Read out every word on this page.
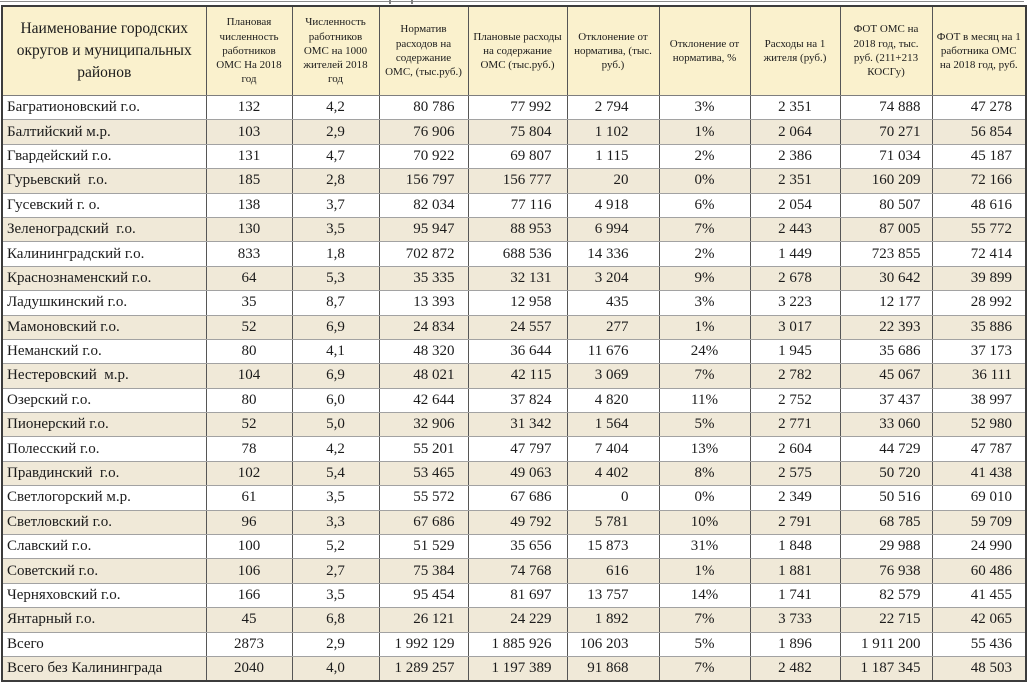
Наименование городских округов и муниципальных районов	Плановая численность работников ОМС На 2018 год	Численность работников ОМС на 1000 жителей 2018 год	Норматив расходов на содержание ОМС, (тыс.руб.)	Плановые расходы на содержание ОМС (тыс.руб.)	Отклонение от норматива, (тыс. руб.)	Отклонение от норматива, %	Расходы на 1 жителя (руб.)	ФОТ ОМС на 2018 год, тыс. руб. (211+213 КОСГу)	ФОТ в месяц на 1 работника ОМС на 2018 год, руб.
Багратионовский г.о.	132	4,2	80 786	77 992	2 794	3%	2 351	74 888	47 278
Балтийский м.р.	103	2,9	76 906	75 804	1 102	1%	2 064	70 271	56 854
Гвардейский г.о.	131	4,7	70 922	69 807	1 115	2%	2 386	71 034	45 187
Гурьевский  г.о.	185	2,8	156 797	156 777	20	0%	2 351	160 209	72 166
Гусевский г. о.	138	3,7	82 034	77 116	4 918	6%	2 054	80 507	48 616
Зеленоградский  г.о.	130	3,5	95 947	88 953	6 994	7%	2 443	87 005	55 772
Калининградский г.о.	833	1,8	702 872	688 536	14 336	2%	1 449	723 855	72 414
Краснознаменский г.о.	64	5,3	35 335	32 131	3 204	9%	2 678	30 642	39 899
Ладушкинский г.о.	35	8,7	13 393	12 958	435	3%	3 223	12 177	28 992
Мамоновский г.о.	52	6,9	24 834	24 557	277	1%	3 017	22 393	35 886
Неманский г.о.	80	4,1	48 320	36 644	11 676	24%	1 945	35 686	37 173
Нестеровский  м.р.	104	6,9	48 021	42 115	3 069	7%	2 782	45 067	36 111
Озерский г.о.	80	6,0	42 644	37 824	4 820	11%	2 752	37 437	38 997
Пионерский г.о.	52	5,0	32 906	31 342	1 564	5%	2 771	33 060	52 980
Полесский г.о.	78	4,2	55 201	47 797	7 404	13%	2 604	44 729	47 787
Правдинский  г.о.	102	5,4	53 465	49 063	4 402	8%	2 575	50 720	41 438
Светлогорский м.р.	61	3,5	55 572	67 686	0	0%	2 349	50 516	69 010
Светловский г.о.	96	3,3	67 686	49 792	5 781	10%	2 791	68 785	59 709
Славский г.о.	100	5,2	51 529	35 656	15 873	31%	1 848	29 988	24 990
Советский г.о.	106	2,7	75 384	74 768	616	1%	1 881	76 938	60 486
Черняховский г.о.	166	3,5	95 454	81 697	13 757	14%	1 741	82 579	41 455
Янтарный г.о.	45	6,8	26 121	24 229	1 892	7%	3 733	22 715	42 065
Всего	2873	2,9	1 992 129	1 885 926	106 203	5%	1 896	1 911 200	55 436
Всего без Калининграда	2040	4,0	1 289 257	1 197 389	91 868	7%	2 482	1 187 345	48 503
